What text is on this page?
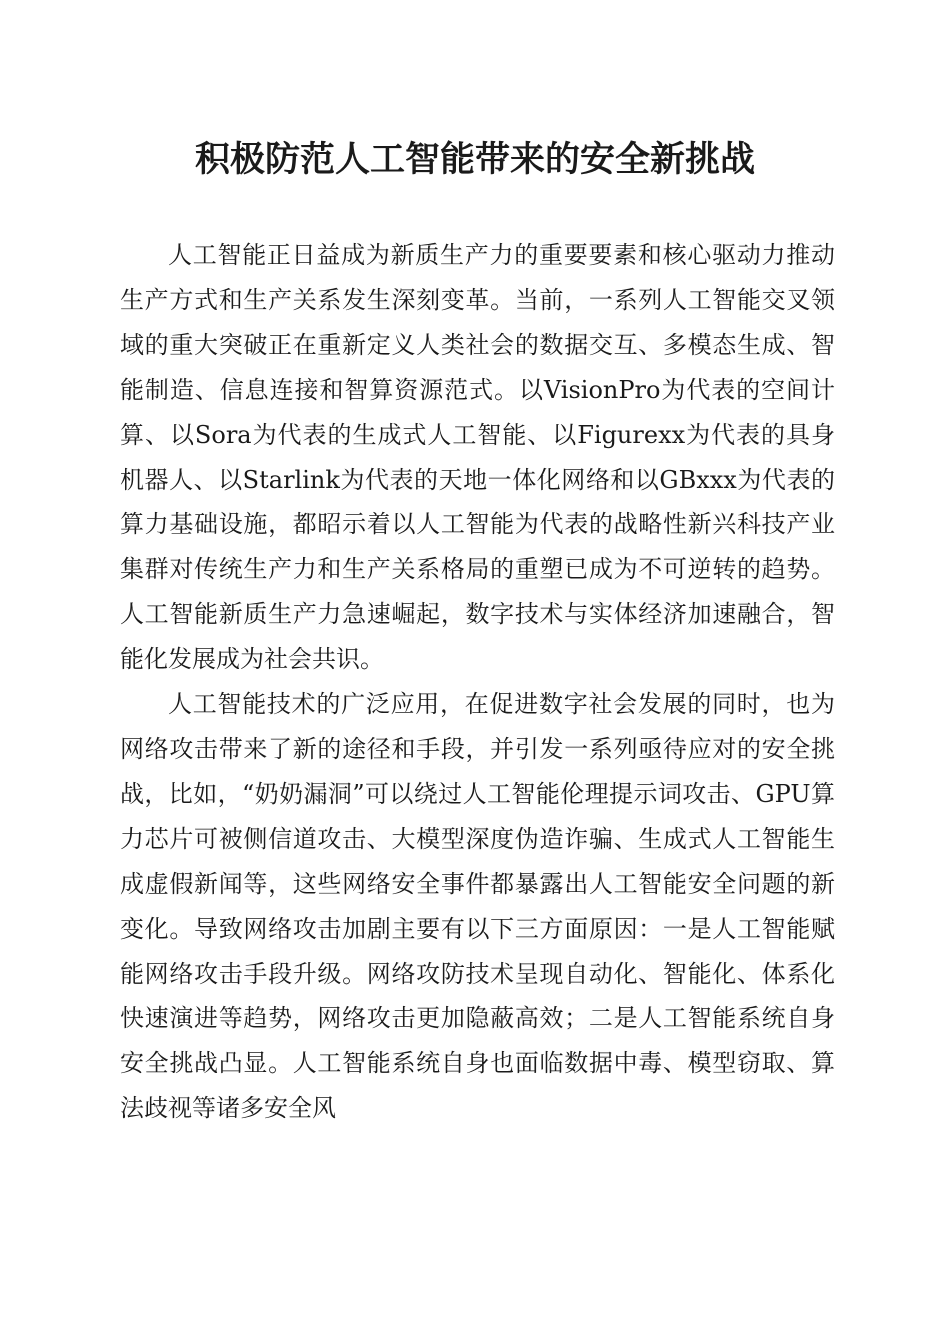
积极防范人工智能带来的安全新挑战

人工智能正日益成为新质生产力的重要要素和核心驱动力推动生产方式和生产关系发生深刻变革。当前，一系列人工智能交叉领域的重大突破正在重新定义人类社会的数据交互、多模态生成、智能制造、信息连接和智算资源范式。以VisionPro为代表的空间计算、以Sora为代表的生成式人工智能、以Figurexx为代表的具身机器人、以Starlink为代表的天地一体化网络和以GBxxx为代表的算力基础设施，都昭示着以人工智能为代表的战略性新兴科技产业集群对传统生产力和生产关系格局的重塑已成为不可逆转的趋势。人工智能新质生产力急速崛起，数字技术与实体经济加速融合，智能化发展成为社会共识。

人工智能技术的广泛应用，在促进数字社会发展的同时，也为网络攻击带来了新的途径和手段，并引发一系列亟待应对的安全挑战，比如，“奶奶漏洞”可以绕过人工智能伦理提示词攻击、GPU算力芯片可被侧信道攻击、大模型深度伪造诈骗、生成式人工智能生成虚假新闻等，这些网络安全事件都暴露出人工智能安全问题的新变化。导致网络攻击加剧主要有以下三方面原因：一是人工智能赋能网络攻击手段升级。网络攻防技术呈现自动化、智能化、体系化快速演进等趋势，网络攻击更加隐蔽高效；二是人工智能系统自身安全挑战凸显。人工智能系统自身也面临数据中毒、模型窃取、算法歧视等诸多安全风
